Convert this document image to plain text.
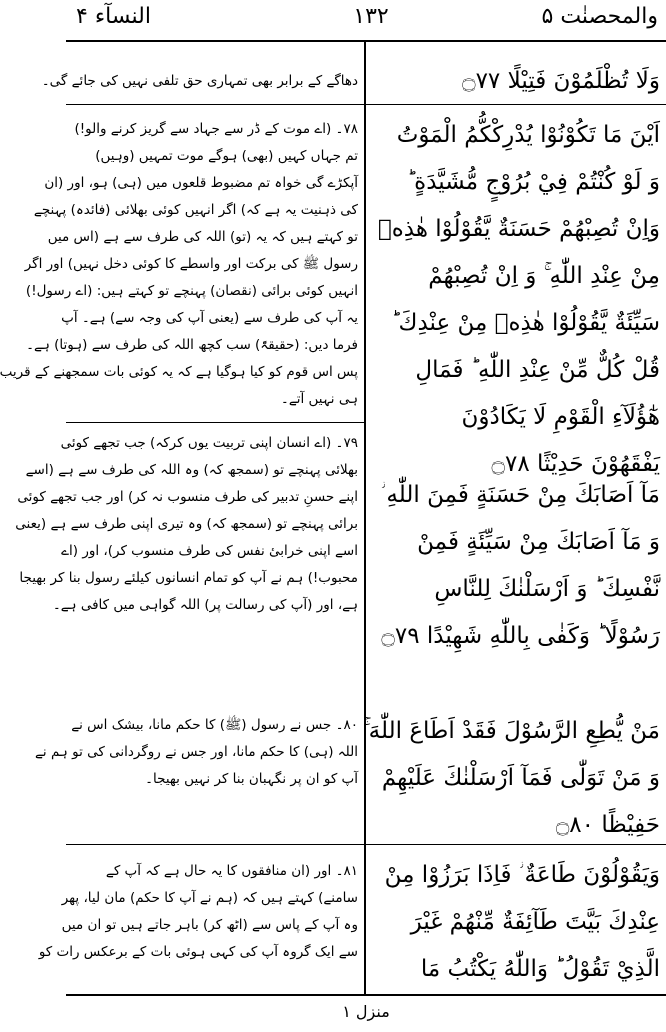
والمحصنٰت ۵
۱۳۲
النسآء ۴

وَلَا تُظْلَمُوْنَ فَتِيْلًا ۝۷۷

اَيْنَ مَا تَكُوْنُوْا يُدْرِكْكُّمُ الْمَوْتُ

وَ لَوْ كُنْتُمْ فِيْ بُرُوْجٍ مُّشَيَّدَةٍ ؕ

وَاِنْ تُصِبْهُمْ حَسَنَةٌ يَّقُوْلُوْا هٰذِهٖ

مِنْ عِنْدِ اللّٰهِ ۚ وَ اِنْ تُصِبْهُمْ

سَيِّئَةٌ يَّقُوْلُوْا هٰذِهٖ مِنْ عِنْدِكَ ؕ

قُلْ كُلٌّ مِّنْ عِنْدِ اللّٰهِ ؕ فَمَالِ

هٰٓؤُلَآءِ الْقَوْمِ لَا يَكَادُوْنَ

يَفْقَهُوْنَ حَدِيْثًا ۝۷۸

مَآ اَصَابَكَ مِنْ حَسَنَةٍ فَمِنَ اللّٰهِ ؗ

وَ مَآ اَصَابَكَ مِنْ سَيِّئَةٍ فَمِنْ

نَّفْسِكَ ؕ وَ اَرْسَلْنٰكَ لِلنَّاسِ

رَسُوْلًا ؕ وَكَفٰى بِاللّٰهِ شَهِيْدًا ۝۷۹

مَنْ يُّطِعِ الرَّسُوْلَ فَقَدْ اَطَاعَ اللّٰهَ ۚ

وَ مَنْ تَوَلّٰى فَمَآ اَرْسَلْنٰكَ عَلَيْهِمْ

حَفِيْظًا ۝۸۰

وَيَقُوْلُوْنَ طَاعَةٌ ؗ فَاِذَا بَرَزُوْا مِنْ

عِنْدِكَ بَيَّتَ طَآئِفَةٌ مِّنْهُمْ غَيْرَ

الَّذِيْ تَقُوْلُ ؕ وَاللّٰهُ يَكْتُبُ مَا

دھاگے کے برابر بھی تمہاری حق تلفی نہیں کی جائے گی۔

۷۸۔ (اے موت کے ڈر سے جہاد سے گریز کرنے والو!)

تم جہاں کہیں (بھی) ہوگے موت تمہیں (وہیں)

آپکڑے گی خواہ تم مضبوط قلعوں میں (ہی) ہو، اور (ان

کی ذہنیت یہ ہے کہ) اگر انہیں کوئی بھلائی (فائدہ) پہنچے

تو کہتے ہیں کہ یہ (تو) اللہ کی طرف سے ہے (اس میں

رسول ﷺ کی برکت اور واسطے کا کوئی دخل نہیں) اور اگر

انہیں کوئی برائی (نقصان) پہنچے تو کہتے ہیں: (اے رسول!)

یہ آپ کی طرف سے (یعنی آپ کی وجہ سے) ہے۔ آپ

فرما دیں: (حقیقۃً) سب کچھ اللہ کی طرف سے (ہوتا) ہے۔

پس اس قوم کو کیا ہوگیا ہے کہ یہ کوئی بات سمجھنے کے قریب

ہی نہیں آتے۔

۷۹۔ (اے انسان اپنی تربیت یوں کرکہ) جب تجھے کوئی

بھلائی پہنچے تو (سمجھ کہ) وہ اللہ کی طرف سے ہے (اسے

اپنے حسنِ تدبیر کی طرف منسوب نہ کر) اور جب تجھے کوئی

برائی پہنچے تو (سمجھ کہ) وہ تیری اپنی طرف سے ہے (یعنی

اسے اپنی خرابیٔ نفس کی طرف منسوب کر)، اور (اے

محبوب!) ہم نے آپ کو تمام انسانوں کیلئے رسول بنا کر بھیجا

ہے، اور (آپ کی رسالت پر) اللہ گواہی میں کافی ہے۔

۸۰۔ جس نے رسول (ﷺ) کا حکم مانا، بیشک اس نے

اللہ (ہی) کا حکم مانا، اور جس نے روگردانی کی تو ہم نے

آپ کو ان پر نگہبان بنا کر نہیں بھیجا۔

۸۱۔ اور (ان منافقوں کا یہ حال ہے کہ آپ کے

سامنے) کہتے ہیں کہ (ہم نے آپ کا حکم) مان لیا، پھر

وہ آپ کے پاس سے (اٹھ کر) باہر جاتے ہیں تو ان میں

سے ایک گروہ آپ کی کہی ہوئی بات کے برعکس رات کو

منزل ۱
